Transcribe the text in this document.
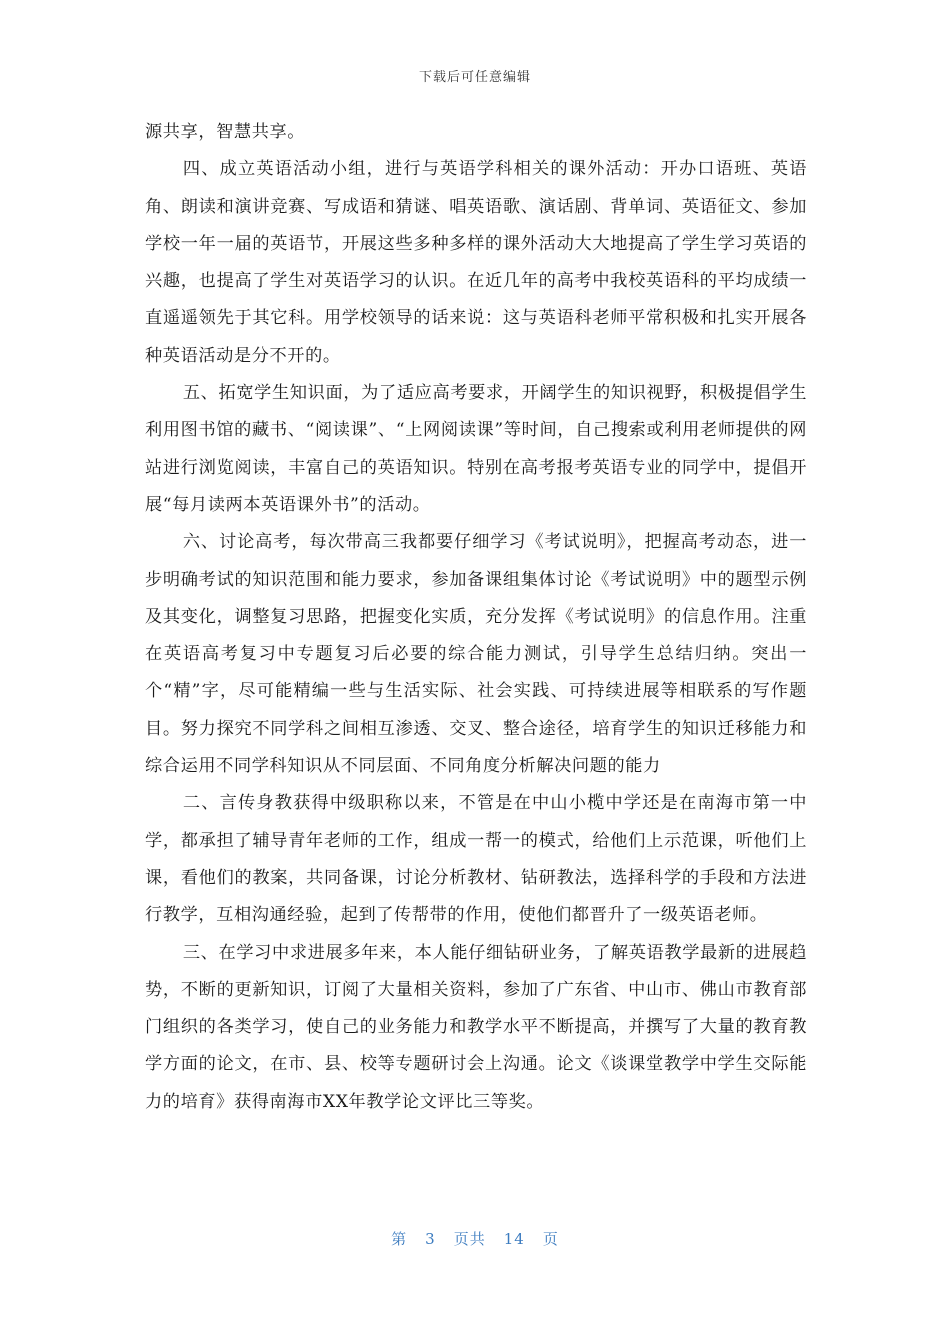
下载后可任意编辑

源共享，智慧共享。

四、成立英语活动小组，进行与英语学科相关的课外活动：开办口语班、英语角、朗读和演讲竞赛、写成语和猜谜、唱英语歌、演话剧、背单词、英语征文、参加学校一年一届的英语节，开展这些多种多样的课外活动大大地提高了学生学习英语的兴趣，也提高了学生对英语学习的认识。在近几年的高考中我校英语科的平均成绩一直遥遥领先于其它科。用学校领导的话来说：这与英语科老师平常积极和扎实开展各种英语活动是分不开的。

五、拓宽学生知识面，为了适应高考要求，开阔学生的知识视野，积极提倡学生利用图书馆的藏书、“阅读课”、“上网阅读课”等时间，自己搜索或利用老师提供的网站进行浏览阅读，丰富自己的英语知识。特别在高考报考英语专业的同学中，提倡开展“每月读两本英语课外书”的活动。

六、讨论高考，每次带高三我都要仔细学习《考试说明》，把握高考动态，进一步明确考试的知识范围和能力要求，参加备课组集体讨论《考试说明》中的题型示例及其变化，调整复习思路，把握变化实质，充分发挥《考试说明》的信息作用。注重在英语高考复习中专题复习后必要的综合能力测试，引导学生总结归纳。突出一个“精”字，尽可能精编一些与生活实际、社会实践、可持续进展等相联系的写作题目。努力探究不同学科之间相互渗透、交叉、整合途径，培育学生的知识迁移能力和综合运用不同学科知识从不同层面、不同角度分析解决问题的能力

二、言传身教获得中级职称以来，不管是在中山小榄中学还是在南海市第一中学，都承担了辅导青年老师的工作，组成一帮一的模式，给他们上示范课，听他们上课，看他们的教案，共同备课，讨论分析教材、钻研教法，选择科学的手段和方法进行教学，互相沟通经验，起到了传帮带的作用，使他们都晋升了一级英语老师。

三、在学习中求进展多年来，本人能仔细钻研业务，了解英语教学最新的进展趋势，不断的更新知识，订阅了大量相关资料，参加了广东省、中山市、佛山市教育部门组织的各类学习，使自己的业务能力和教学水平不断提高，并撰写了大量的教育教学方面的论文，在市、县、校等专题研讨会上沟通。论文《谈课堂教学中学生交际能力的培育》获得南海市XX年教学论文评比三等奖。

第 3 页共 14 页
